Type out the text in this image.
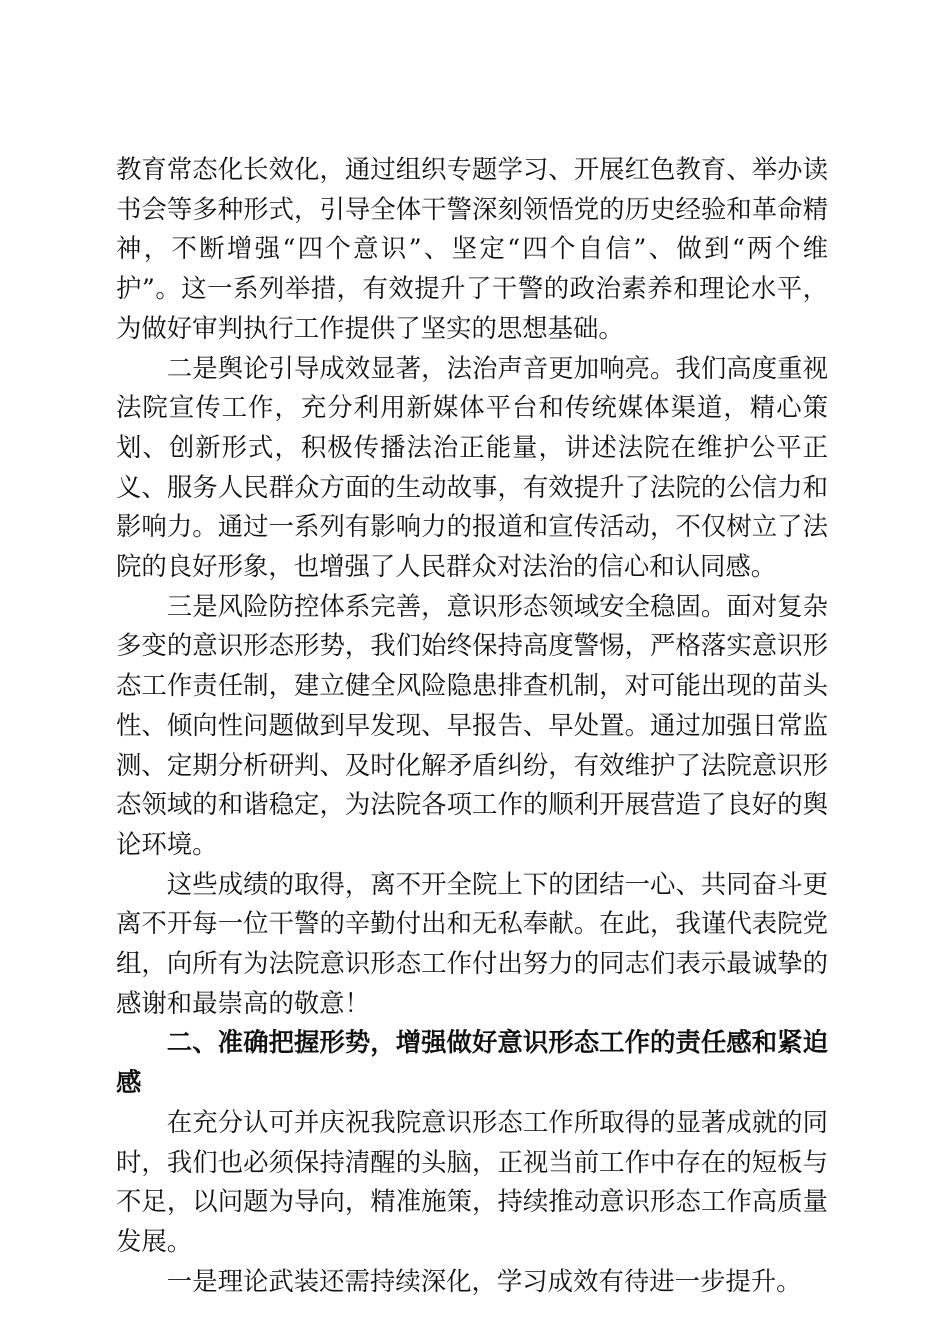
教育常态化长效化，通过组织专题学习、开展红色教育、举办读书会等多种形式，引导全体干警深刻领悟党的历史经验和革命精神，不断增强“四个意识”、坚定“四个自信”、做到“两个维护”。这一系列举措，有效提升了干警的政治素养和理论水平，为做好审判执行工作提供了坚实的思想基础。

二是舆论引导成效显著，法治声音更加响亮。我们高度重视法院宣传工作，充分利用新媒体平台和传统媒体渠道，精心策划、创新形式，积极传播法治正能量，讲述法院在维护公平正义、服务人民群众方面的生动故事，有效提升了法院的公信力和影响力。通过一系列有影响力的报道和宣传活动，不仅树立了法院的良好形象，也增强了人民群众对法治的信心和认同感。

三是风险防控体系完善，意识形态领域安全稳固。面对复杂多变的意识形态形势，我们始终保持高度警惕，严格落实意识形态工作责任制，建立健全风险隐患排查机制，对可能出现的苗头性、倾向性问题做到早发现、早报告、早处置。通过加强日常监测、定期分析研判、及时化解矛盾纠纷，有效维护了法院意识形态领域的和谐稳定，为法院各项工作的顺利开展营造了良好的舆论环境。

这些成绩的取得，离不开全院上下的团结一心、共同奋斗更离不开每一位干警的辛勤付出和无私奉献。在此，我谨代表院党组，向所有为法院意识形态工作付出努力的同志们表示最诚挚的感谢和最崇高的敬意！

二、准确把握形势，增强做好意识形态工作的责任感和紧迫感

在充分认可并庆祝我院意识形态工作所取得的显著成就的同时，我们也必须保持清醒的头脑，正视当前工作中存在的短板与不足，以问题为导向，精准施策，持续推动意识形态工作高质量发展。

一是理论武装还需持续深化，学习成效有待进一步提升。
